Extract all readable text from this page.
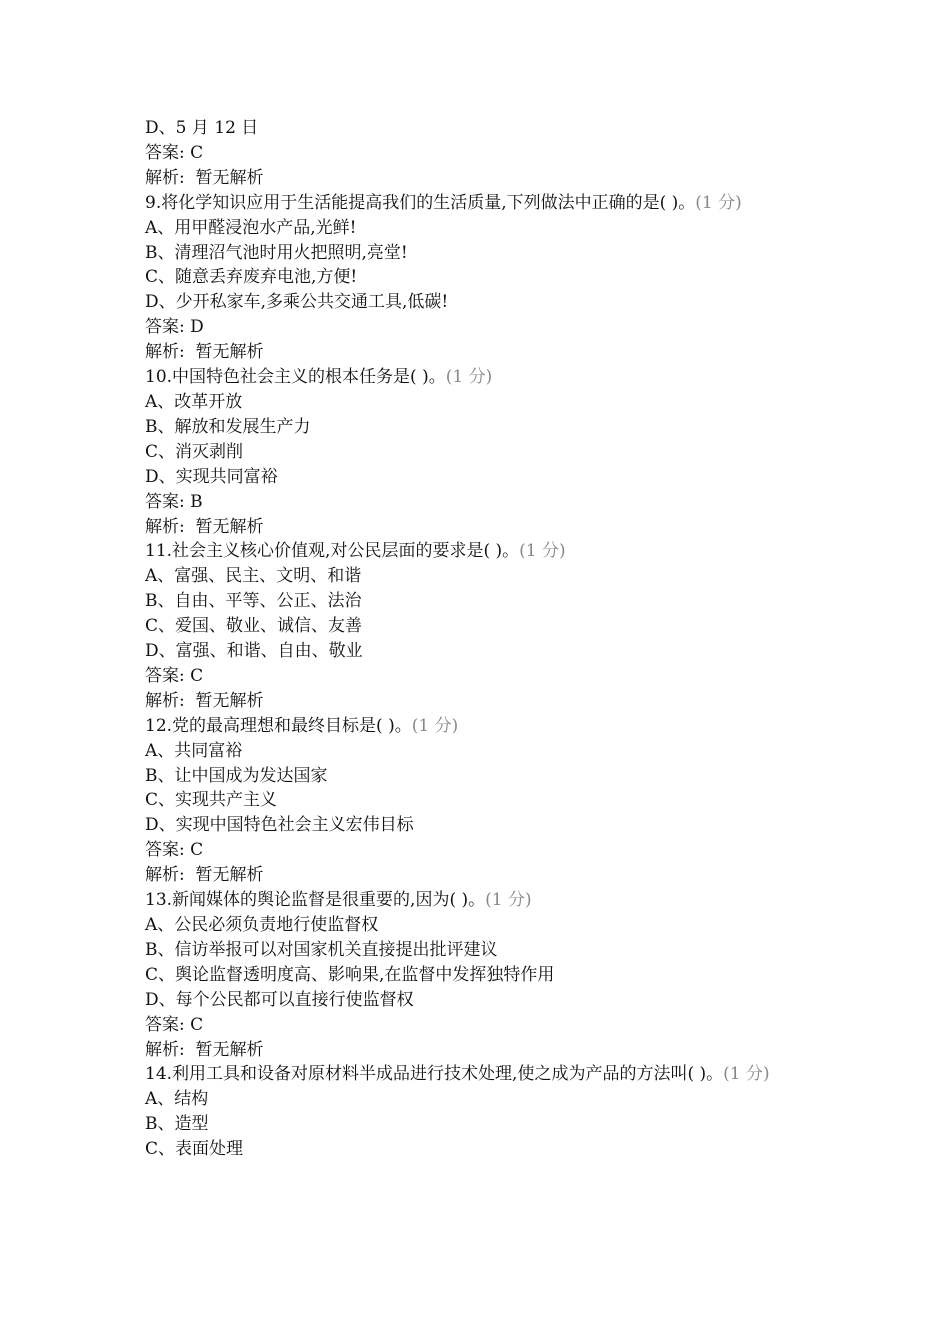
D、5 月 12 日
答案: C
解析:  暂无解析
9.将化学知识应用于生活能提高我们的生活质量,下列做法中正确的是( )。(1 分)
A、用甲醛浸泡水产品,光鲜!
B、清理沼气池时用火把照明,亮堂!
C、随意丢弃废弃电池,方便!
D、少开私家车,多乘公共交通工具,低碳!
答案: D
解析:  暂无解析
10.中国特色社会主义的根本任务是( )。(1 分)
A、改革开放
B、解放和发展生产力
C、消灭剥削
D、实现共同富裕
答案: B
解析:  暂无解析
11.社会主义核心价值观,对公民层面的要求是( )。(1 分)
A、富强、民主、文明、和谐
B、自由、平等、公正、法治
C、爱国、敬业、诚信、友善
D、富强、和谐、自由、敬业
答案: C
解析:  暂无解析
12.党的最高理想和最终目标是( )。(1 分)
A、共同富裕
B、让中国成为发达国家
C、实现共产主义
D、实现中国特色社会主义宏伟目标
答案: C
解析:  暂无解析
13.新闻媒体的舆论监督是很重要的,因为( )。(1 分)
A、公民必须负责地行使监督权
B、信访举报可以对国家机关直接提出批评建议
C、舆论监督透明度高、影响果,在监督中发挥独特作用
D、每个公民都可以直接行使监督权
答案: C
解析:  暂无解析
14.利用工具和设备对原材料半成品进行技术处理,使之成为产品的方法叫( )。(1 分)
A、结构
B、造型
C、表面处理
